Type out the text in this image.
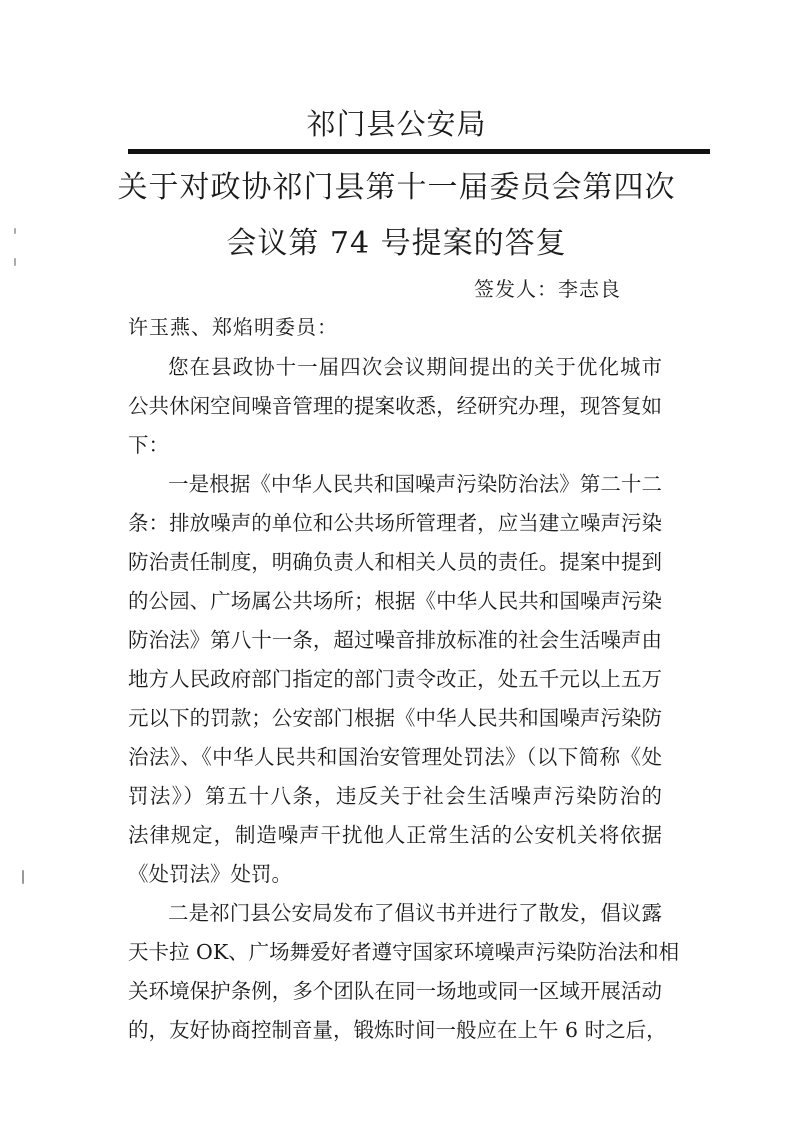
祁门县公安局
关于对政协祁门县第十一届委员会第四次
会议第 74 号提案的答复
签发人：李志良
许玉燕、郑焰明委员：
您在县政协十一届四次会议期间提出的关于优化城市
公共休闲空间噪音管理的提案收悉，经研究办理，现答复如
下：
一是根据《中华人民共和国噪声污染防治法》第二十二
条：排放噪声的单位和公共场所管理者，应当建立噪声污染
防治责任制度，明确负责人和相关人员的责任。提案中提到
的公园、广场属公共场所；根据《中华人民共和国噪声污染
防治法》第八十一条，超过噪音排放标准的社会生活噪声由
地方人民政府部门指定的部门责令改正，处五千元以上五万
元以下的罚款；公安部门根据《中华人民共和国噪声污染防
治法》、《中华人民共和国治安管理处罚法》（以下简称《处
罚法》）第五十八条，违反关于社会生活噪声污染防治的
法律规定，制造噪声干扰他人正常生活的公安机关将依据
《处罚法》处罚。
二是祁门县公安局发布了倡议书并进行了散发，倡议露
天卡拉 OK、广场舞爱好者遵守国家环境噪声污染防治法和相
关环境保护条例，多个团队在同一场地或同一区域开展活动
的，友好协商控制音量，锻炼时间一般应在上午 6 时之后，
